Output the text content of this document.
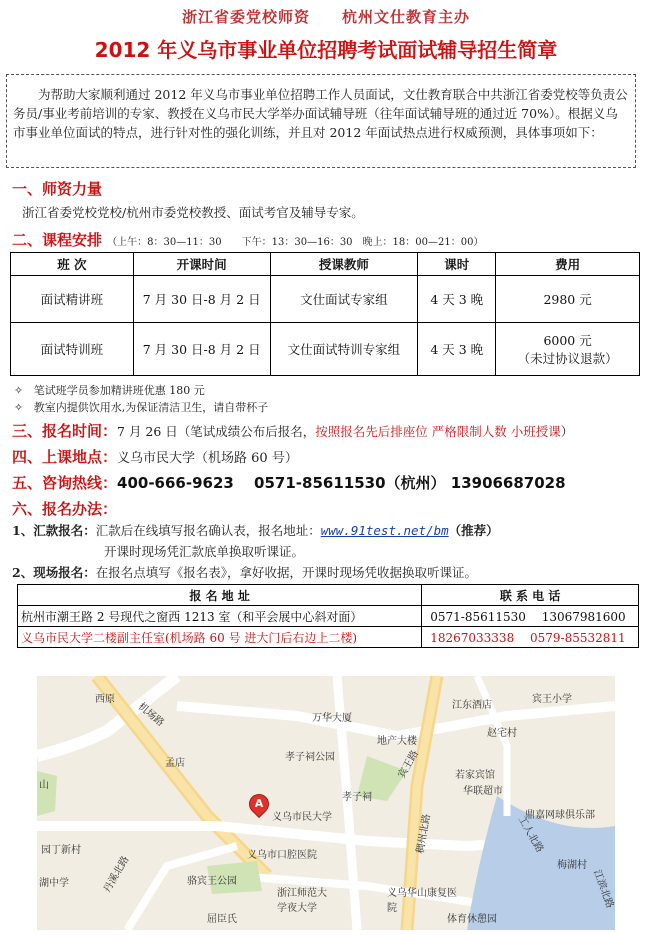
浙江省委党校师资　　杭州文仕教育主办
2012 年义乌市事业单位招聘考试面试辅导招生简章
为帮助大家顺利通过 2012 年义乌市事业单位招聘工作人员面试，文仕教育联合中共浙江省委党校等负责公务员/事业考前培训的专家、教授在义乌市民大学举办面试辅导班（往年面试辅导班的通过近 70%）。根据义乌市事业单位面试的特点，进行针对性的强化训练，并且对 2012 年面试热点进行权威预测，具体事项如下：
一、师资力量
浙江省委党校党校/杭州市委党校教授、面试考官及辅导专家。
二、课程安排 （上午：8：30—11：30　　下午：13：30—16：30　晚上：18：00—21：00）
班 次	开课时间	授课教师	课时	费用
面试精讲班	7 月 30 日-8 月 2 日	文仕面试专家组	4 天 3 晚	2980 元
面试特训班	7 月 30 日-8 月 2 日	文仕面试特训专家组	4 天 3 晚	6000 元
（未过协议退款）
✧   笔试班学员参加精讲班优惠 180 元
✧   教室内提供饮用水,为保证清洁卫生，请自带杯子
三、报名时间：7 月 26 日（笔试成绩公布后报名，按照报名先后排座位 严格限制人数 小班授课）
四、上课地点：义乌市民大学（机场路 60 号）
五、咨询热线：400-666-9623　 0571-85611530（杭州） 13906687028
六、报名办法：
1、汇款报名：汇款后在线填写报名确认表，报名地址：www.91test.net/bm（推荐）
开课时现场凭汇款底单换取听课证。
2、现场报名：在报名点填写《报名表》，拿好收据，开课时现场凭收据换取听课证。
报 名 地 址	联 系 电 话
杭州市潮王路 2 号现代之窗西 1213 室（和平会展中心斜对面）	0571-85611530　 13067981600
义乌市民大学二楼副主任室(机场路 60 号 进大门后右边上二楼)	18267033338　 0579-85532811
西原
机场路	万华大厦
江东酒店
宾王小学
赵宅村
地产大楼
孝子祠公园	宾王路	若家宾馆
华联超市
孟店
孝子祠
义乌市民大学	鼎嘉网球俱乐部
义乌市口腔医院
园丁新村	工人北路
梅湖村
骆宾王公园
湖中学
浙江师范大学夜大学
义乌华山康复医院
体育休憩园
丹溪北路
屈臣氏
稠州北路
江滨北路
山
A
